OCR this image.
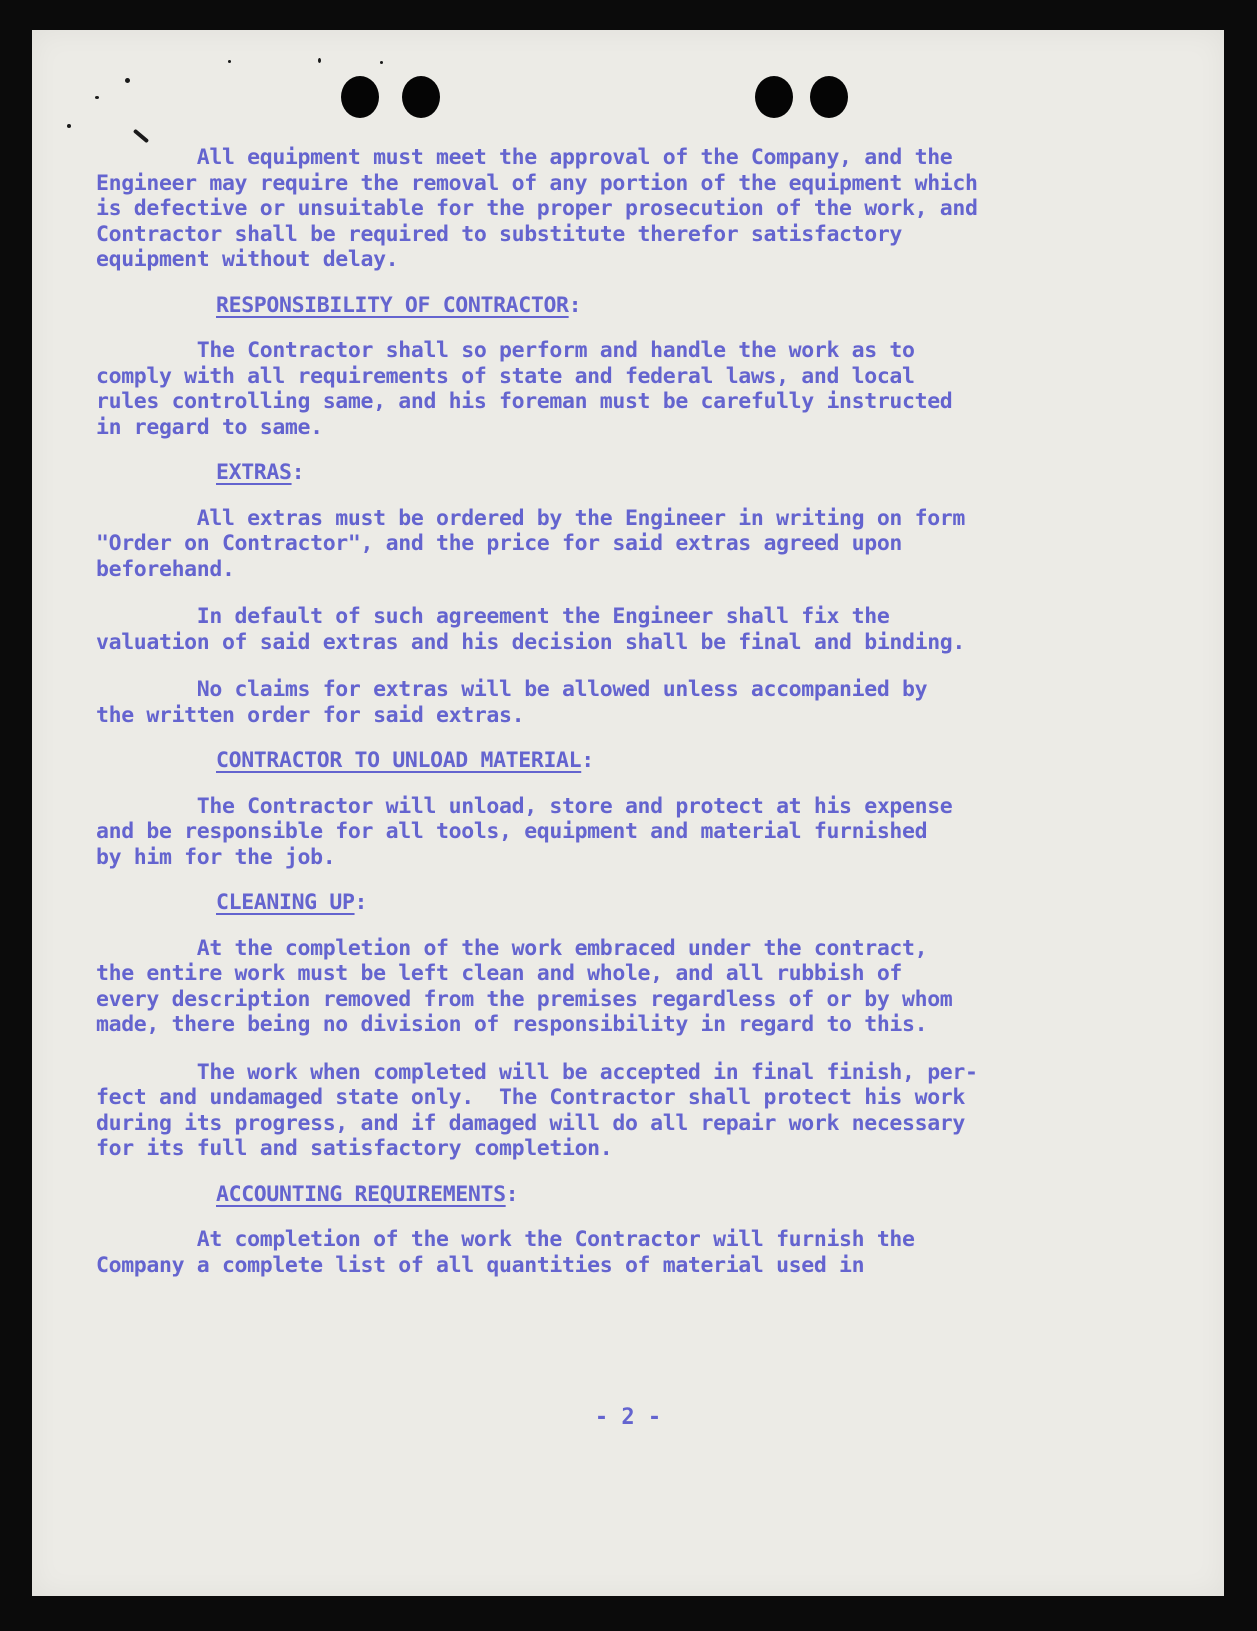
All equipment must meet the approval of the Company, and the
Engineer may require the removal of any portion of the equipment which
is defective or unsuitable for the proper prosecution of the work, and
Contractor shall be required to substitute therefor satisfactory
equipment without delay.

RESPONSIBILITY OF CONTRACTOR:

The Contractor shall so perform and handle the work as to
comply with all requirements of state and federal laws, and local
rules controlling same, and his foreman must be carefully instructed
in regard to same.

EXTRAS:

All extras must be ordered by the Engineer in writing on form
"Order on Contractor", and the price for said extras agreed upon
beforehand.

In default of such agreement the Engineer shall fix the
valuation of said extras and his decision shall be final and binding.

No claims for extras will be allowed unless accompanied by
the written order for said extras.

CONTRACTOR TO UNLOAD MATERIAL:

The Contractor will unload, store and protect at his expense
and be responsible for all tools, equipment and material furnished
by him for the job.

CLEANING UP:

At the completion of the work embraced under the contract,
the entire work must be left clean and whole, and all rubbish of
every description removed from the premises regardless of or by whom
made, there being no division of responsibility in regard to this.

The work when completed will be accepted in final finish, per-
fect and undamaged state only.  The Contractor shall protect his work
during its progress, and if damaged will do all repair work necessary
for its full and satisfactory completion.

ACCOUNTING REQUIREMENTS:

At completion of the work the Contractor will furnish the
Company a complete list of all quantities of material used in

- 2 -
